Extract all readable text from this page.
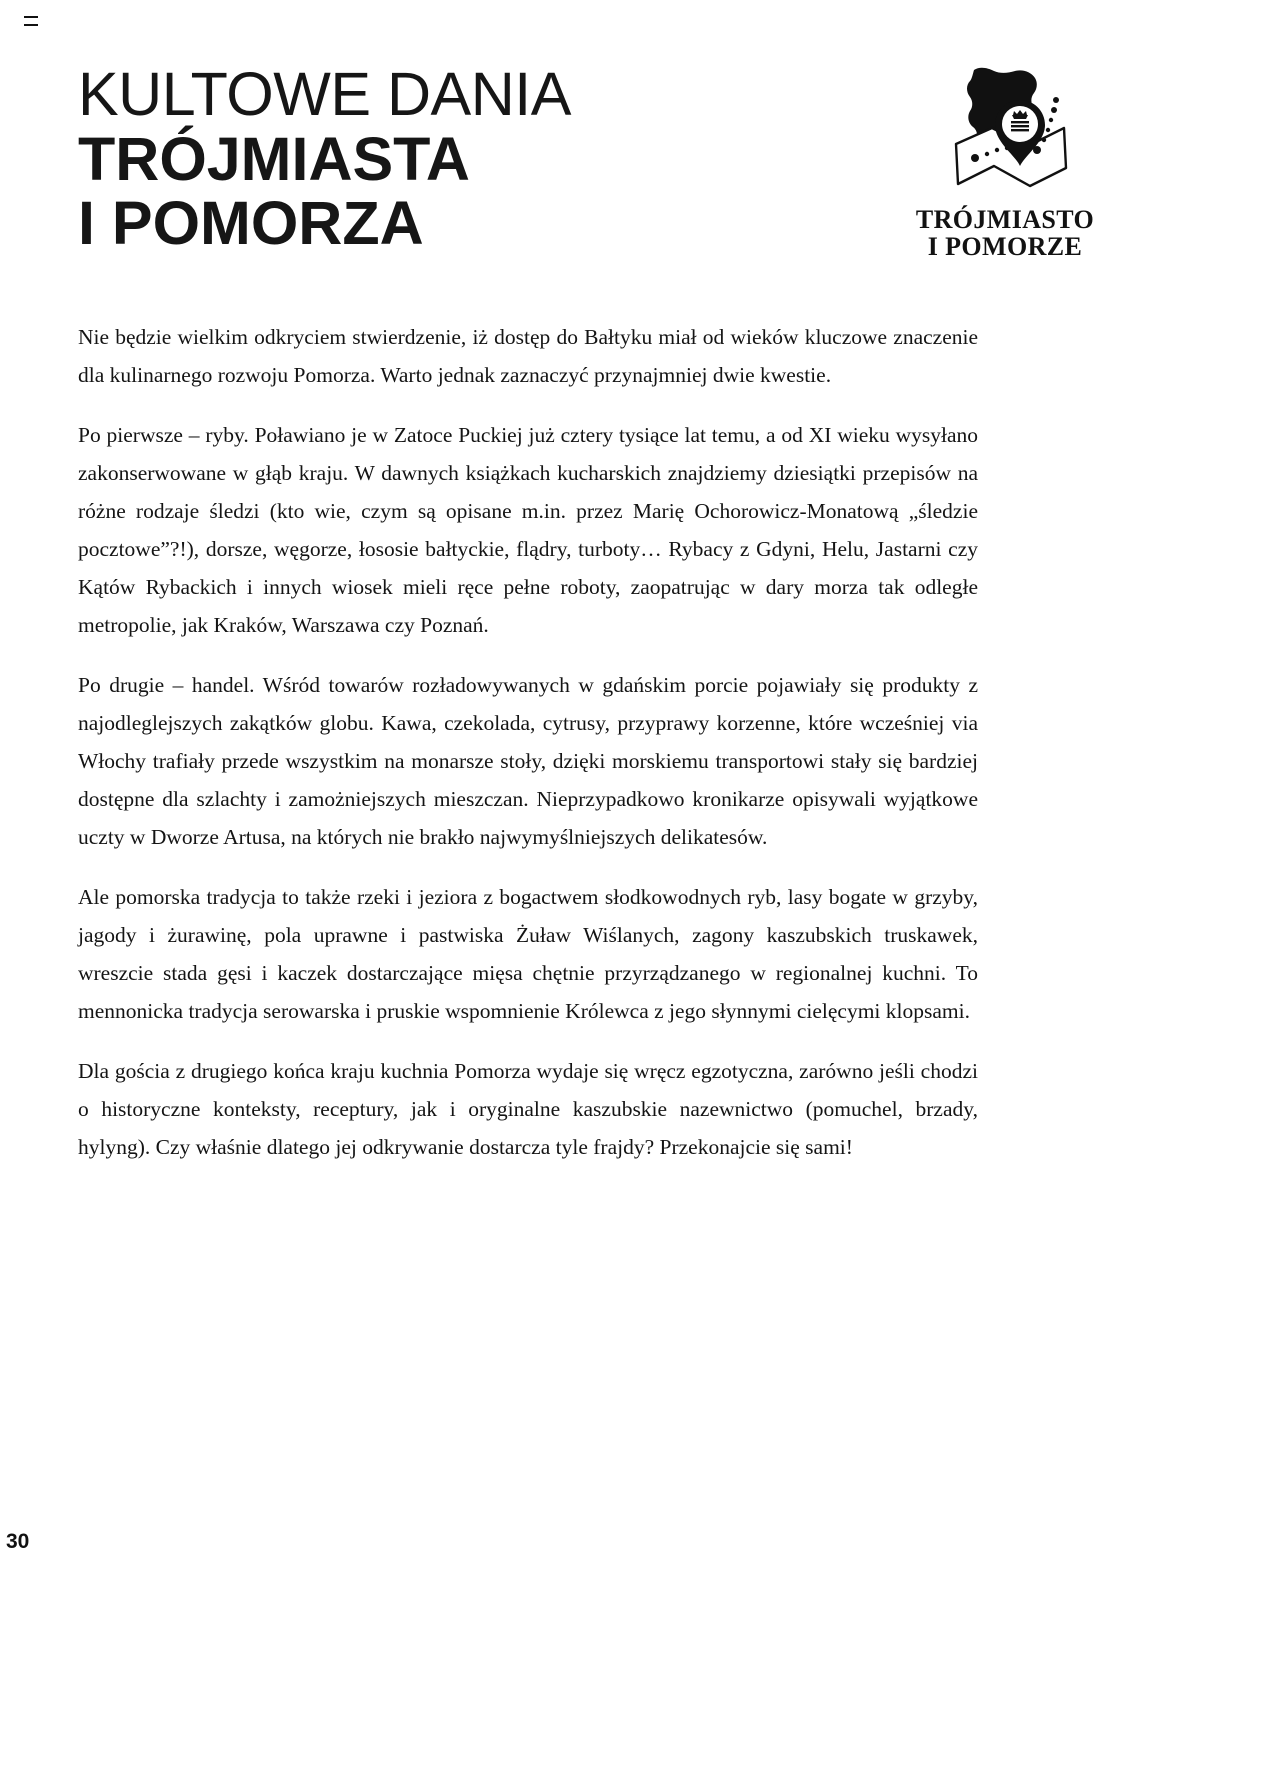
KULTOWE DANIA
TRÓJMIASTA
I POMORZA	TRÓJMIASTO
I POMORZE

Nie będzie wielkim odkryciem stwierdzenie, iż dostęp do Bałtyku miał od wieków kluczowe znaczenie dla kulinarnego rozwoju Pomorza. Warto jednak zaznaczyć przynajmniej dwie kwestie.

Po pierwsze – ryby. Poławiano je w Zatoce Puckiej już cztery tysiące lat temu, a od XI wieku wysyłano zakonserwowane w głąb kraju. W dawnych książkach kucharskich znajdziemy dziesiątki przepisów na różne rodzaje śledzi (kto wie, czym są opisane m.in. przez Marię Ochorowicz-Monatową „śledzie pocztowe”?!), dorsze, węgorze, łososie bałtyckie, flądry, turboty… Rybacy z Gdyni, Helu, Jastarni czy Kątów Rybackich i innych wiosek mieli ręce pełne roboty, zaopatrując w dary morza tak odległe metropolie, jak Kraków, Warszawa czy Poznań.

Po drugie – handel. Wśród towarów rozładowywanych w gdańskim porcie pojawiały się produkty z najodleglejszych zakątków globu. Kawa, czekolada, cytrusy, przyprawy korzenne, które wcześniej via Włochy trafiały przede wszystkim na monarsze stoły, dzięki morskiemu transportowi stały się bardziej dostępne dla szlachty i zamożniejszych mieszczan. Nieprzypadkowo kronikarze opisywali wyjątkowe uczty w Dworze Artusa, na których nie brakło najwymyślniejszych delikatesów.

Ale pomorska tradycja to także rzeki i jeziora z bogactwem słodkowodnych ryb, lasy bogate w grzyby, jagody i żurawinę, pola uprawne i pastwiska Żuław Wiślanych, zagony kaszubskich truskawek, wreszcie stada gęsi i kaczek dostarczające mięsa chętnie przyrządzanego w regionalnej kuchni. To mennonicka tradycja serowarska i pruskie wspomnienie Królewca z jego słynnymi cielęcymi klopsami.

Dla gościa z drugiego końca kraju kuchnia Pomorza wydaje się wręcz egzotyczna, zarówno jeśli chodzi o historyczne konteksty, receptury, jak i oryginalne kaszubskie nazewnictwo (pomuchel, brzady, hylyng). Czy właśnie dlatego jej odkrywanie dostarcza tyle frajdy? Przekonajcie się sami!

30
